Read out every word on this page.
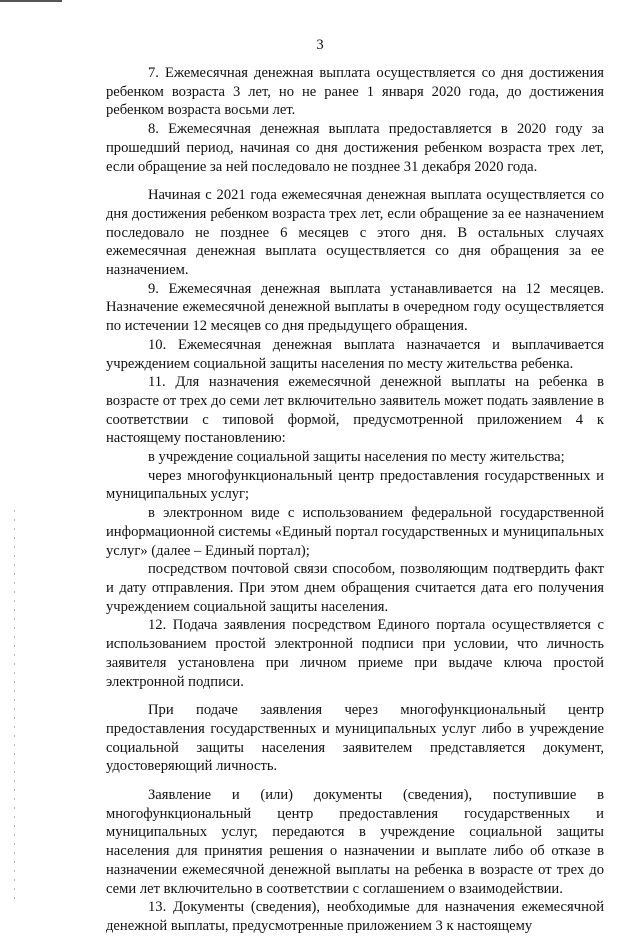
3

7. Ежемесячная денежная выплата осуществляется со дня достижения ребенком возраста 3 лет, но не ранее 1 января 2020 года, до достижения ребенком возраста восьми лет.

8. Ежемесячная денежная выплата предоставляется в 2020 году за прошедший период, начиная со дня достижения ребенком возраста трех лет, если обращение за ней последовало не позднее 31 декабря 2020 года.

Начиная с 2021 года ежемесячная денежная выплата осуществляется со дня достижения ребенком возраста трех лет, если обращение за ее назначением последовало не позднее 6 месяцев с этого дня. В остальных случаях ежемесячная денежная выплата осуществляется со дня обращения за ее назначением.

9. Ежемесячная денежная выплата устанавливается на 12 месяцев. Назначение ежемесячной денежной выплаты в очередном году осуществляется по истечении 12 месяцев со дня предыдущего обращения.

10. Ежемесячная денежная выплата назначается и выплачивается учреждением социальной защиты населения по месту жительства ребенка.

11. Для назначения ежемесячной денежной выплаты на ребенка в возрасте от трех до семи лет включительно заявитель может подать заявление в соответствии с типовой формой, предусмотренной приложением 4 к настоящему постановлению:

в учреждение социальной защиты населения по месту жительства;

через многофункциональный центр предоставления государственных и муниципальных услуг;

в электронном виде с использованием федеральной государственной информационной системы «Единый портал государственных и муниципальных услуг» (далее – Единый портал);

посредством почтовой связи способом, позволяющим подтвердить факт и дату отправления. При этом днем обращения считается дата его получения учреждением социальной защиты населения.

12. Подача заявления посредством Единого портала осуществляется с использованием простой электронной подписи при условии, что личность заявителя установлена при личном приеме при выдаче ключа простой электронной подписи.

При подаче заявления через многофункциональный центр предоставления государственных и муниципальных услуг либо в учреждение социальной защиты населения заявителем представляется документ, удостоверяющий личность.

Заявление и (или) документы (сведения), поступившие в многофункциональный центр предоставления государственных и муниципальных услуг, передаются в учреждение социальной защиты населения для принятия решения о назначении и выплате либо об отказе в назначении ежемесячной денежной выплаты на ребенка в возрасте от трех до семи лет включительно в соответствии с соглашением о взаимодействии.

13. Документы (сведения), необходимые для назначения ежемесячной денежной выплаты, предусмотренные приложением 3 к настоящему
